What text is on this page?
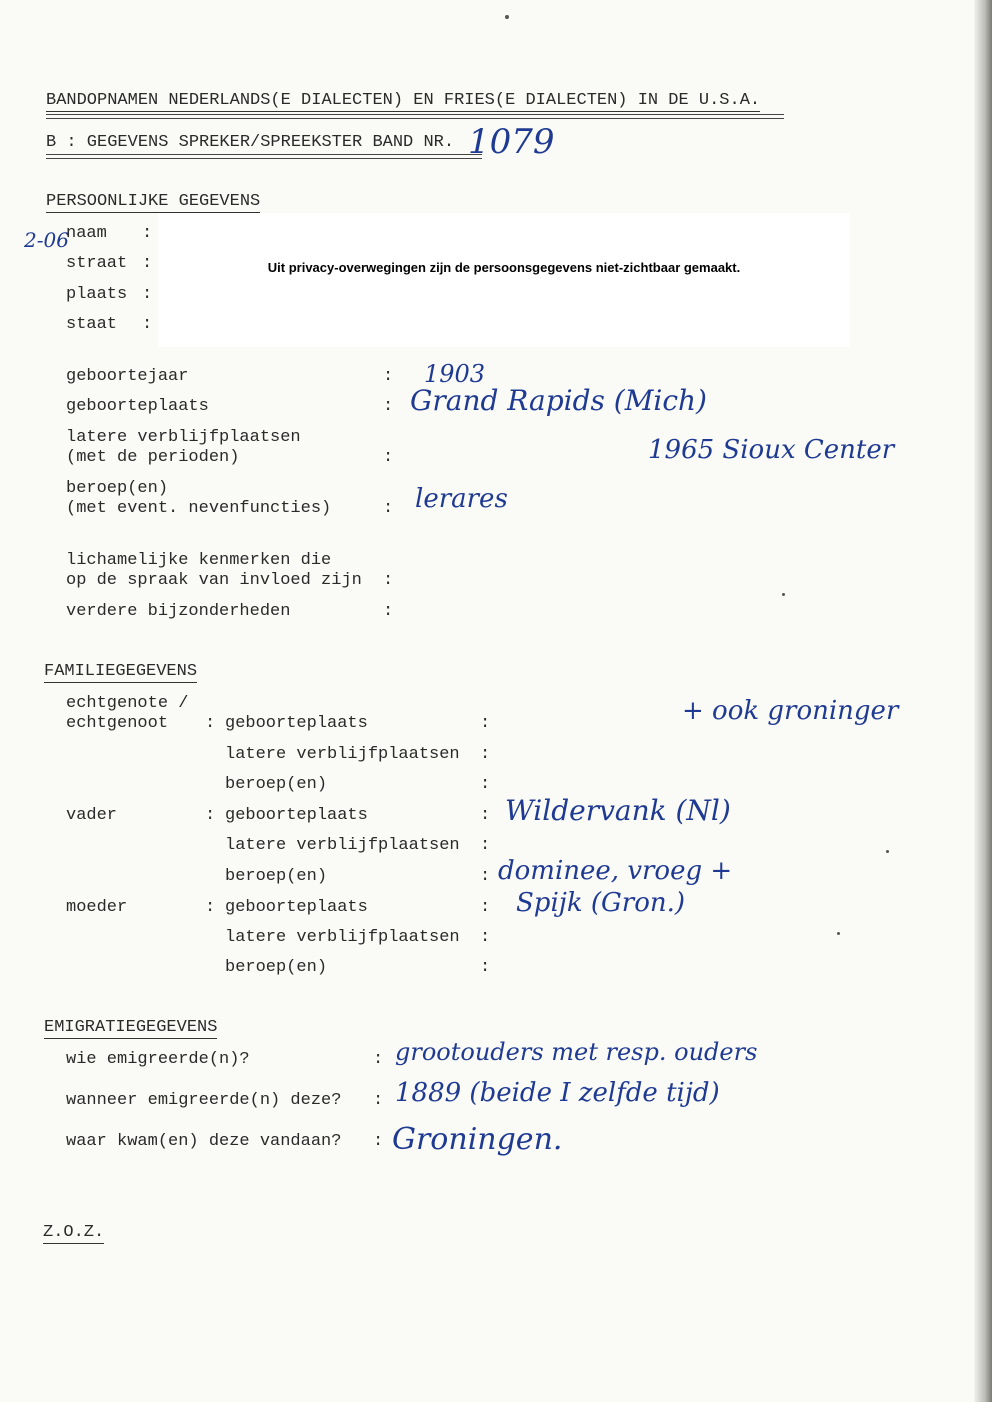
BANDOPNAMEN NEDERLANDS(E DIALECTEN) EN FRIES(E DIALECTEN) IN DE U.S.A.
B : GEGEVENS SPREKER/SPREEKSTER BAND NR. 1079
PERSOONLIJKE GEGEVENS
2-06
naam :
straat :
plaats :
staat :
Uit privacy-overwegingen zijn de persoonsgegevens niet-zichtbaar gemaakt.
geboortejaar	: 1903
geboorteplaats	: Grand Rapids (Mich)
latere verblijfplaatsen
(met de perioden)	:	1965 Sioux Center
beroep(en)
(met event. nevenfuncties)	: lerares
lichamelijke kenmerken die
op de spraak van invloed zijn :
verdere bijzonderheden	:
FAMILIEGEGEVENS
echtgenote /
echtgenoot : geboorteplaats	:	+ ook groninger
latere verblijfplaatsen :
beroep(en)	:
vader	: geboorteplaats	: Wildervank (Nl)
latere verblijfplaatsen :
beroep(en)	: dominee, vroeg +
moeder	: geboorteplaats	: Spijk (Gron.)
latere verblijfplaatsen :
beroep(en)	:
EMIGRATIEGEGEVENS
wie emigreerde(n)?	: grootouders met resp. ouders
wanneer emigreerde(n) deze? : 1889 (beide I zelfde tijd)
waar kwam(en) deze vandaan? : Groningen.
Z.O.Z.
